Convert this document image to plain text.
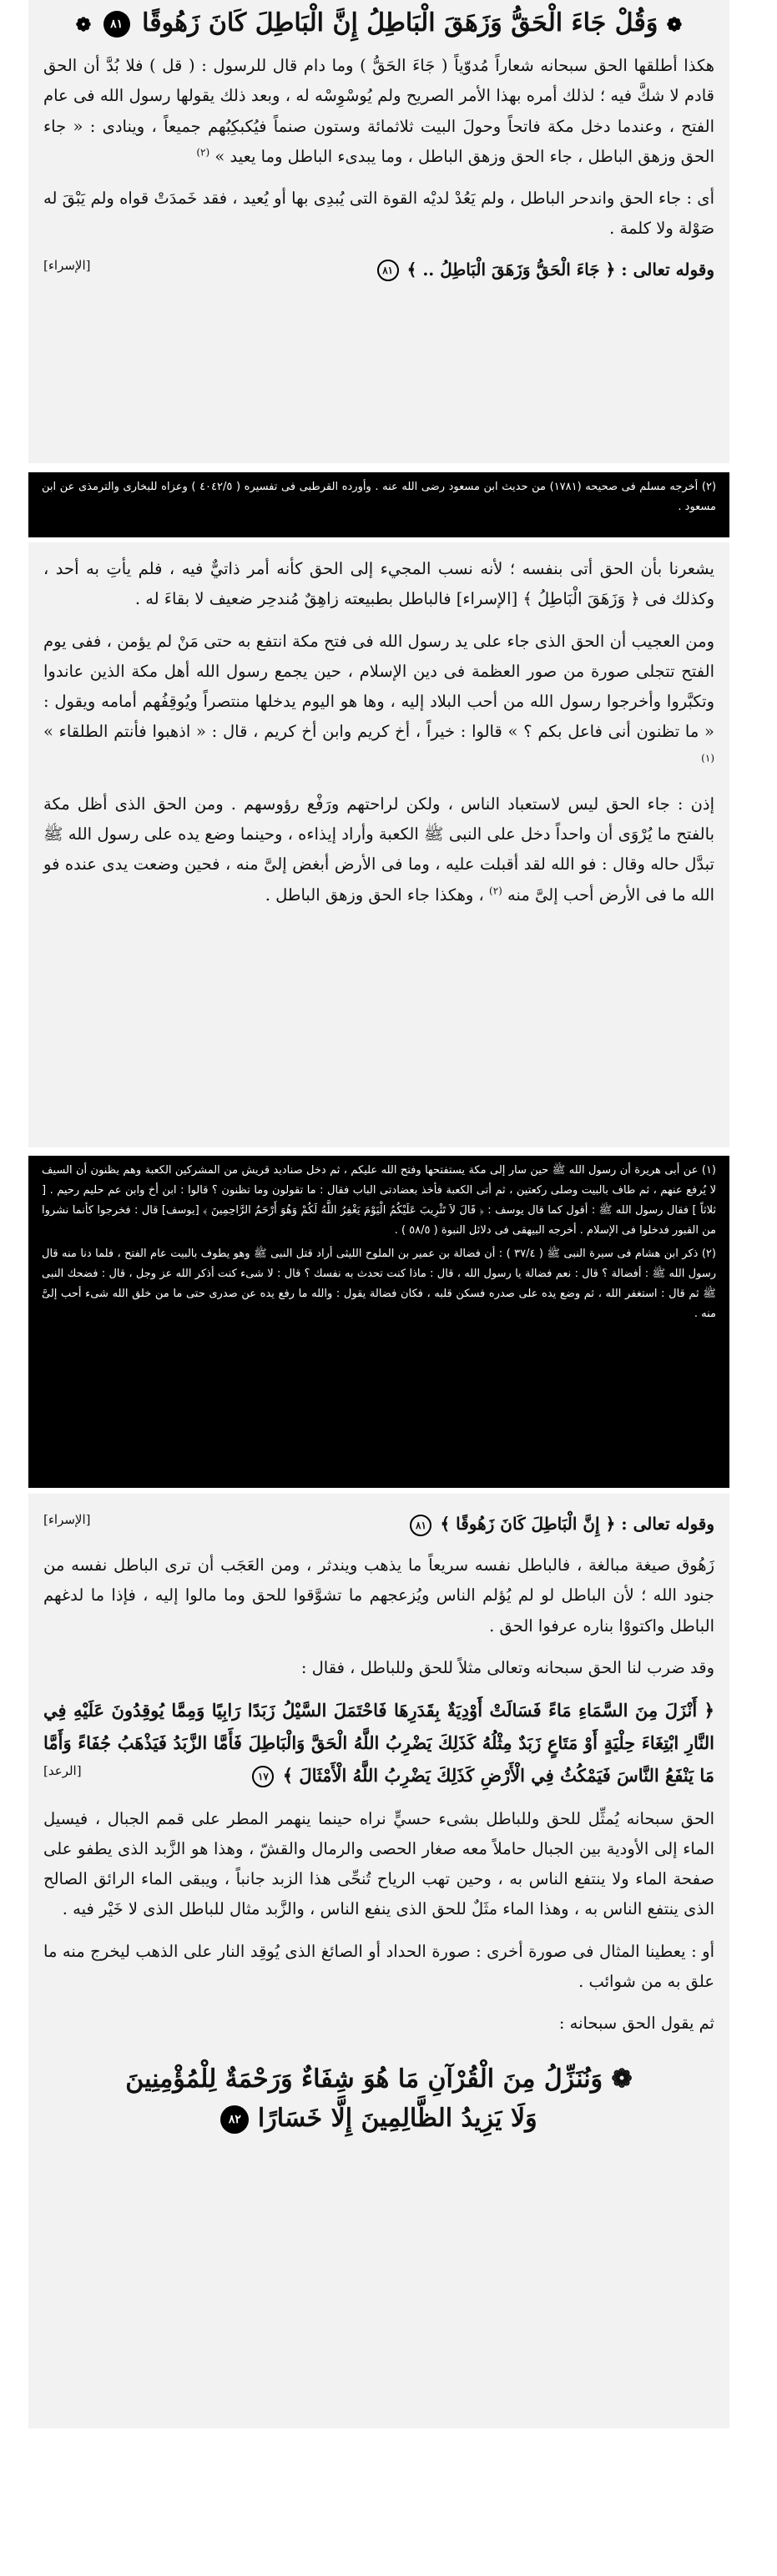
❁ وَقُلْ جَاءَ الْحَقُّ وَزَهَقَ الْبَاطِلُ إِنَّ الْبَاطِلَ كَانَ زَهُوقًا ٨١ ❁

هكذا أطلقها الحق سبحانه شعاراً مُدوّياً ( جَاءَ الحَقُّ ) وما دام قال للرسول : ( قل ) فلا بُدَّ أن الحق قادم لا شكَّ فيه ؛ لذلك أمره بهذا الأمر الصريح ولم يُوسْوِسْه له ، وبعد ذلك يقولها رسول الله فى عام الفتح ، وعندما دخل مكة فاتحاً وحولَ البيت ثلاثمائة وستون صنماً فيُكبكِبُهم جميعاً ، وينادى : « جاء الحق وزهق الباطل ، جاء الحق وزهق الباطل ، وما يبدىء الباطل وما يعيد » $^{(٢)}$

أى : جاء الحق واندحر الباطل ، ولم يَعُدْ لديْه القوة التى يُبدِى بها أو يُعيد ، فقد خَمدَتْ قواه ولم يَبْقَ له صَوْلة ولا كلمة .

وقوله تعالى : ﴿ جَاءَ الْحَقُّ وَزَهَقَ الْبَاطِلُ .. ﴾ ٨١
[الإسراء]

(٢) أخرجه مسلم فى صحيحه (١٧٨١) من حديث ابن مسعود رضى الله عنه . وأورده القرطبى فى تفسيره ( ٤٠٤٢/٥ ) وعزاه للبخارى والترمذى عن ابن مسعود .

يشعرنا بأن الحق أتى بنفسه ؛ لأنه نسب المجيء إلى الحق كأنه أمر ذاتيٌّ فيه ، فلم يأتِ به أحد ، وكذلك فى ﴿ وَزَهَقَ الْبَاطِلُ ﴾ [الإسراء] فالباطل بطبيعته زاهِقٌ مُندحِر ضعيف لا بقاءَ له .

ومن العجيب أن الحق الذى جاء على يد رسول الله فى فتح مكة انتفع به حتى مَنْ لم يؤمن ، ففى يوم الفتح تتجلى صورة من صور العظمة فى دين الإسلام ، حين يجمع رسول الله أهل مكة الذين عاندوا وتكبَّروا وأخرجوا رسول الله من أحب البلاد إليه ، وها هو اليوم يدخلها منتصراً ويُوقِفُهم أمامه ويقول : « ما تظنون أنى فاعل بكم ؟ » قالوا : خيراً ، أخ كريم وابن أخ كريم ، قال : « اذهبوا فأنتم الطلقاء » $^{(١)}$

إذن : جاء الحق ليس لاستعباد الناس ، ولكن لراحتهم ورَفْع رؤوسهم . ومن الحق الذى أظل مكة بالفتح ما يُرْوَى أن واحداً دخل على النبى ﷺ الكعبة وأراد إيذاءه ، وحينما وضع يده على رسول الله ﷺ تبدَّل حاله وقال : فو الله لقد أقبلت عليه ، وما فى الأرض أبغض إلىَّ منه ، فحين وضعت يدى عنده فو الله ما فى الأرض أحب إلىَّ منه $^{(٢)}$ ، وهكذا جاء الحق وزهق الباطل .

(١) عن أبى هريرة أن رسول الله ﷺ حين سار إلى مكة يستفتحها وفتح الله عليكم ، ثم دخل صناديد قريش من المشركين الكعبة وهم يظنون أن السيف لا يُرفع عنهم ، ثم طاف بالبيت وصلى ركعتين ، ثم أتى الكعبة فأخذ بعضادتى الباب فقال : ما تقولون وما تظنون ؟ قالوا : ابن أخ وابن عم حليم رحيم . [ ثلاثاً ] فقال رسول الله ﷺ : أقول كما قال يوسف : ﴿ قَالَ لاَ تَثْرِيبَ عَلَيْكُمُ الْيَوْمَ يَغْفِرُ اللَّهُ لَكُمْ وَهُوَ أَرْحَمُ الرَّاحِمِينَ ﴾ [يوسف] قال : فخرجوا كأنما نشروا من القبور فدخلوا فى الإسلام . أخرجه البيهقى فى دلائل النبوة ( ٥٨/٥ ) .

(٢) ذكر ابن هشام فى سيرة النبى ﷺ ( ٣٧/٤ ) : أن فضالة بن عمير بن الملوح الليثى أراد قتل النبى ﷺ وهو يطوف بالبيت عام الفتح ، فلما دنا منه قال رسول الله ﷺ : أفضالة ؟ قال : نعم فضالة يا رسول الله ، قال : ماذا كنت تحدث به نفسك ؟ قال : لا شىء كنت أذكر الله عز وجل ، قال : فضحك النبى ﷺ ثم قال : استغفر الله ، ثم وضع يده على صدره فسكن قلبه ، فكان فضالة يقول : والله ما رفع يده عن صدرى حتى ما من خلق الله شىء أحب إلىَّ منه .

وقوله تعالى : ﴿ إِنَّ الْبَاطِلَ كَانَ زَهُوقًا ﴾ ٨١
[الإسراء]

زَهُوق صيغة مبالغة ، فالباطل نفسه سريعاً ما يذهب ويندثر ، ومن العَجَب أن ترى الباطل نفسه من جنود الله ؛ لأن الباطل لو لم يُؤلم الناس ويُزعجهم ما تشوَّقوا للحق وما مالوا إليه ، فإذا ما لدغهم الباطل واكتووْا بناره عرفوا الحق .

وقد ضرب لنا الحق سبحانه وتعالى مثلاً للحق وللباطل ، فقال :

﴿ أَنْزَلَ مِنَ السَّمَاءِ مَاءً فَسَالَتْ أَوْدِيَةٌ بِقَدَرِهَا فَاحْتَمَلَ السَّيْلُ زَبَدًا رَابِيًا وَمِمَّا يُوقِدُونَ عَلَيْهِ فِي النَّارِ ابْتِغَاءَ حِلْيَةٍ أَوْ مَتَاعٍ زَبَدٌ مِثْلُهُ كَذَلِكَ يَضْرِبُ اللَّهُ الْحَقَّ وَالْبَاطِلَ فَأَمَّا الزَّبَدُ فَيَذْهَبُ جُفَاءً وَأَمَّا مَا يَنْفَعُ النَّاسَ فَيَمْكُثُ فِي الْأَرْضِ كَذَلِكَ يَضْرِبُ اللَّهُ الْأَمْثَالَ ﴾ ١٧
[الرعد]

الحق سبحانه يُمثِّل للحق وللباطل بشىء حسيٍّ نراه حينما ينهمر المطر على قمم الجبال ، فيسيل الماء إلى الأودية بين الجبال حاملاً معه صغار الحصى والرمال والقشّ ، وهذا هو الزَّبد الذى يطفو على صفحة الماء ولا ينتفع الناس به ، وحين تهب الرياح تُنحِّى هذا الزبد جانباً ، ويبقى الماء الرائق الصالح الذى ينتفع الناس به ، وهذا الماء مثَلٌ للحق الذى ينفع الناس ، والزَّبد مثال للباطل الذى لا خَيْر فيه .

أو : يعطينا المثال فى صورة أخرى : صورة الحداد أو الصائغ الذى يُوقِد النار على الذهب ليخرج منه ما علق به من شوائب .

ثم يقول الحق سبحانه :

❁ وَنُنَزِّلُ مِنَ الْقُرْآنِ مَا هُوَ شِفَاءٌ وَرَحْمَةٌ لِلْمُؤْمِنِينَ
وَلَا يَزِيدُ الظَّالِمِينَ إِلَّا خَسَارًا ٨٢
